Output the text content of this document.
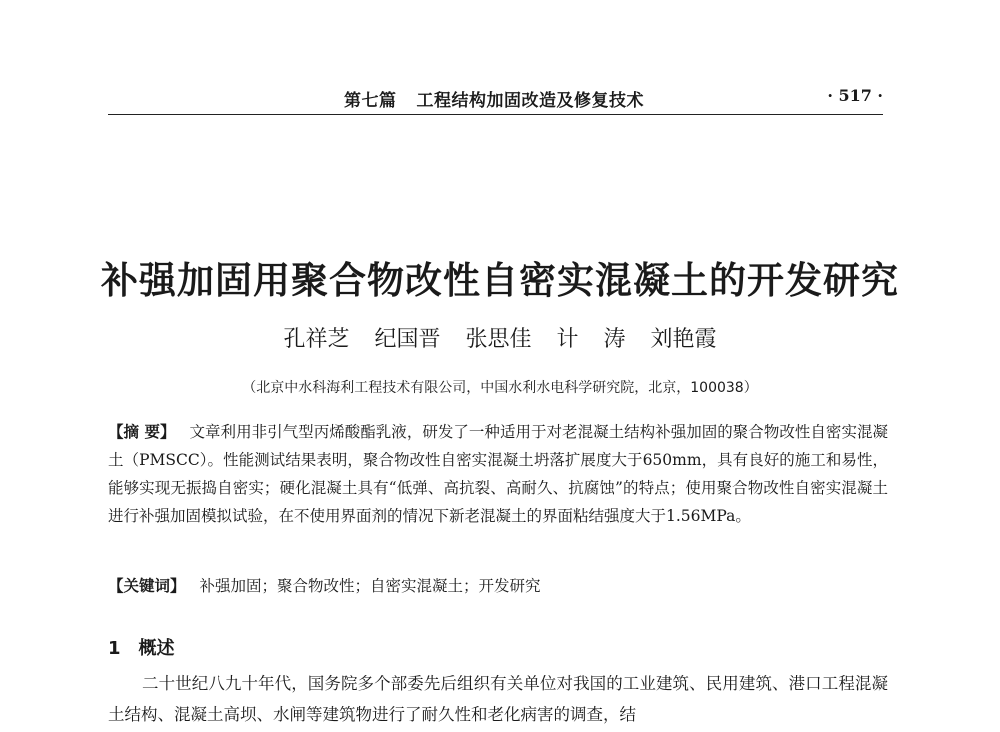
第七篇 工程结构加固改造及修复技术	· 517 ·
补强加固用聚合物改性自密实混凝土的开发研究
孔祥芝 纪国晋 张思佳 计 涛 刘艳霞
（北京中水科海利工程技术有限公司，中国水利水电科学研究院，北京，100038）
【摘 要】 文章利用非引气型丙烯酸酯乳液，研发了一种适用于对老混凝土结构补强加固的聚合物改性自密实混凝土（PMSCC）。性能测试结果表明，聚合物改性自密实混凝土坍落扩展度大于650mm，具有良好的施工和易性，能够实现无振捣自密实；硬化混凝土具有“低弹、高抗裂、高耐久、抗腐蚀”的特点；使用聚合物改性自密实混凝土进行补强加固模拟试验，在不使用界面剂的情况下新老混凝土的界面粘结强度大于1.56MPa。
【关键词】 补强加固；聚合物改性；自密实混凝土；开发研究
1 概述
二十世纪八九十年代，国务院多个部委先后组织有关单位对我国的工业建筑、民用建筑、港口工程混凝土结构、混凝土高坝、水闸等建筑物进行了耐久性和老化病害的调查，结
